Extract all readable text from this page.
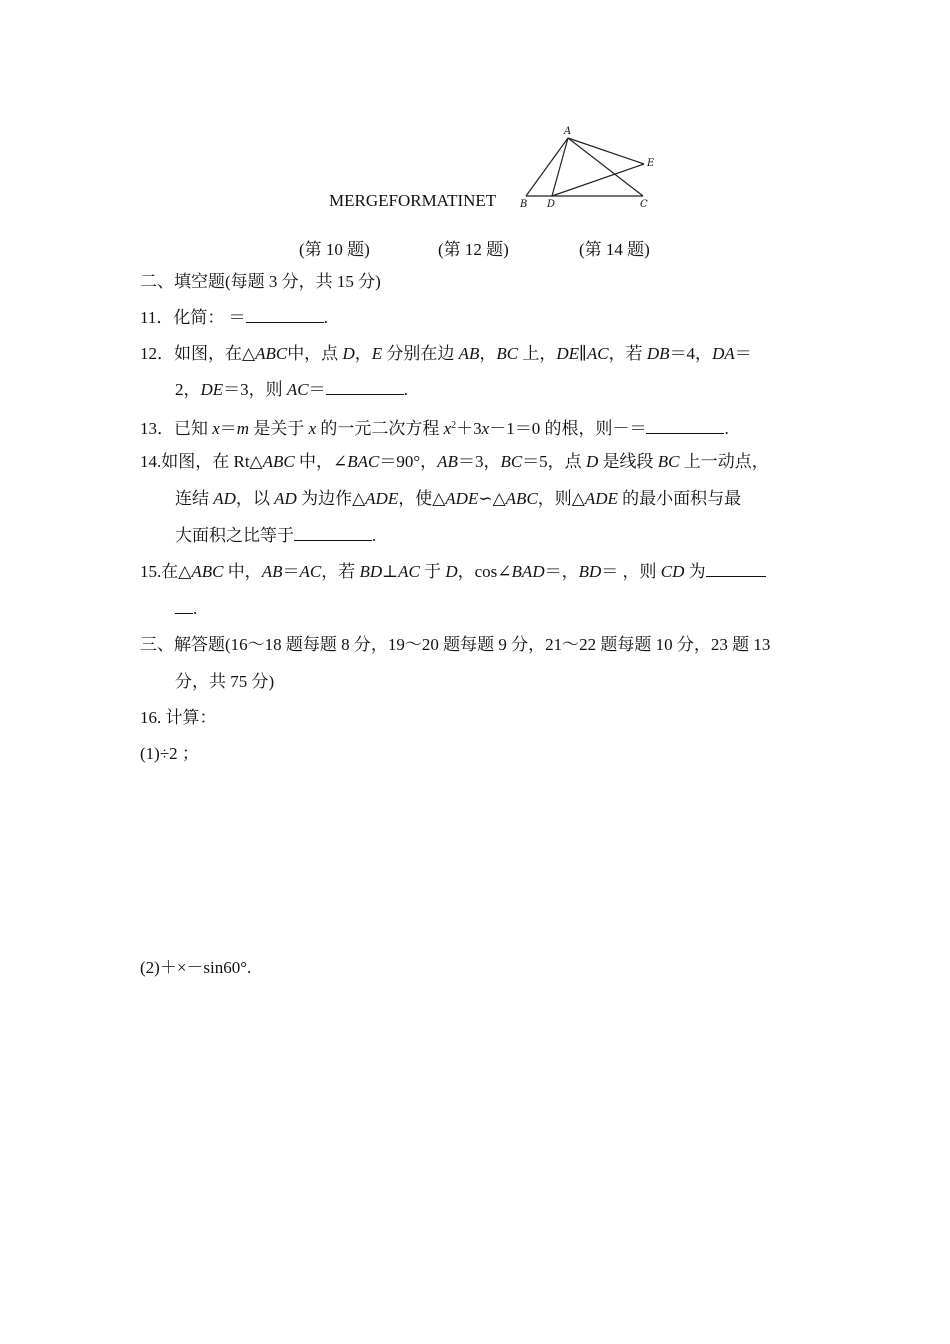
A
B D	C
E
MERGEFORMATINET
(第 10 题)	(第 12 题)	(第 14 题)
二、填空题(每题 3 分，共 15 分)
11．化简： ＝	.
12．如图，在△ABC中，点 D，E 分别在边 AB，BC 上，DE∥AC，若 DB＝4，DA＝
2，DE＝3，则 AC＝	.
13．已知 x＝m 是关于 x 的一元二次方程 $x^2+3x-1=0$ 的根，则－＝	.
14.如图，在 Rt△ABC 中，∠BAC＝90°，AB＝3，BC＝5，点 D 是线段 BC 上一动点，
连结 AD，以 AD 为边作△ADE，使△ADE∽△ABC，则△ADE 的最小面积与最
大面积之比等于	.
15.在△ABC 中，AB＝AC，若 BD⊥AC 于 D，cos∠BAD＝，BD＝ ，则 CD 为
.
三、解答题(16～18 题每题 8 分，19～20 题每题 9 分，21～22 题每题 10 分，23 题 13
分，共 75 分)
16. 计算：
(1)÷2 ；
(2)＋×－sin60°.
